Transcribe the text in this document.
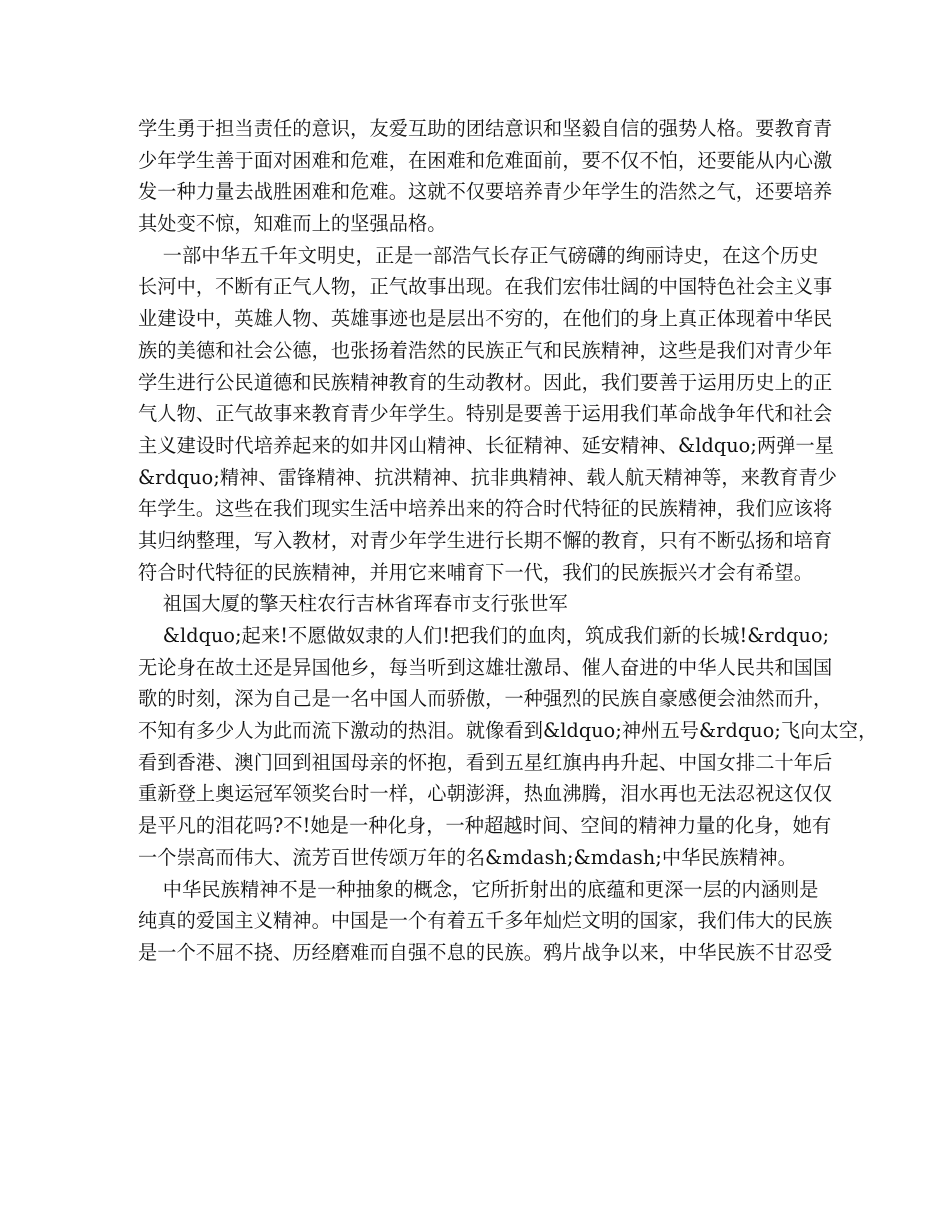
学生勇于担当责任的意识，友爱互助的团结意识和坚毅自信的强势人格。要教育青
少年学生善于面对困难和危难，在困难和危难面前，要不仅不怕，还要能从内心激
发一种力量去战胜困难和危难。这就不仅要培养青少年学生的浩然之气，还要培养
其处变不惊，知难而上的坚强品格。
一部中华五千年文明史，正是一部浩气长存正气磅礴的绚丽诗史，在这个历史
长河中，不断有正气人物，正气故事出现。在我们宏伟壮阔的中国特色社会主义事
业建设中，英雄人物、英雄事迹也是层出不穷的，在他们的身上真正体现着中华民
族的美德和社会公德，也张扬着浩然的民族正气和民族精神，这些是我们对青少年
学生进行公民道德和民族精神教育的生动教材。因此，我们要善于运用历史上的正
气人物、正气故事来教育青少年学生。特别是要善于运用我们革命战争年代和社会
主义建设时代培养起来的如井冈山精神、长征精神、延安精神、&ldquo;两弹一星
&rdquo;精神、雷锋精神、抗洪精神、抗非典精神、载人航天精神等，来教育青少
年学生。这些在我们现实生活中培养出来的符合时代特征的民族精神，我们应该将
其归纳整理，写入教材，对青少年学生进行长期不懈的教育，只有不断弘扬和培育
符合时代特征的民族精神，并用它来哺育下一代，我们的民族振兴才会有希望。
祖国大厦的擎天柱农行吉林省珲春市支行张世军
&ldquo;起来!不愿做奴隶的人们!把我们的血肉，筑成我们新的长城!&rdquo;
无论身在故土还是异国他乡，每当听到这雄壮激昂、催人奋进的中华人民共和国国
歌的时刻，深为自己是一名中国人而骄傲，一种强烈的民族自豪感便会油然而升，
不知有多少人为此而流下激动的热泪。就像看到&ldquo;神州五号&rdquo;飞向太空，
看到香港、澳门回到祖国母亲的怀抱，看到五星红旗冉冉升起、中国女排二十年后
重新登上奥运冠军领奖台时一样，心朝澎湃，热血沸腾，泪水再也无法忍祝这仅仅
是平凡的泪花吗?不!她是一种化身，一种超越时间、空间的精神力量的化身，她有
一个崇高而伟大、流芳百世传颂万年的名&mdash;&mdash;中华民族精神。
中华民族精神不是一种抽象的概念，它所折射出的底蕴和更深一层的内涵则是
纯真的爱国主义精神。中国是一个有着五千多年灿烂文明的国家，我们伟大的民族
是一个不屈不挠、历经磨难而自强不息的民族。鸦片战争以来，中华民族不甘忍受
